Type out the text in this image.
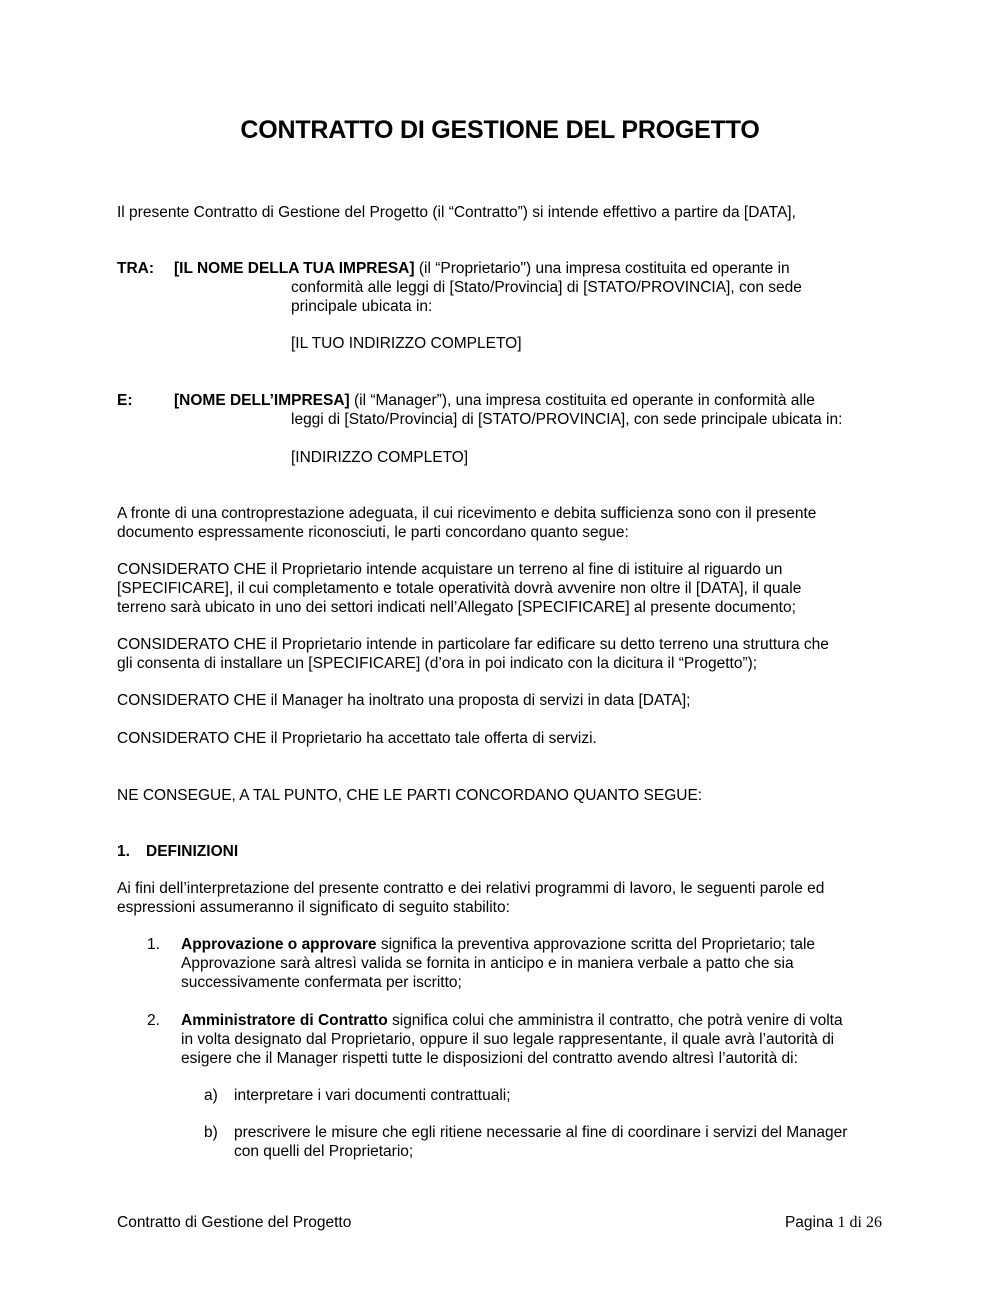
CONTRATTO DI GESTIONE DEL PROGETTO
Il presente Contratto di Gestione del Progetto (il “Contratto”) si intende effettivo a partire da [DATA],
TRA: [IL NOME DELLA TUA IMPRESA] (il “Proprietario") una impresa costituita ed operante in
conformità alle leggi di [Stato/Provincia] di [STATO/PROVINCIA], con sede
principale ubicata in:
[IL TUO INDIRIZZO COMPLETO]
E:	[NOME DELL’IMPRESA] (il “Manager”), una impresa costituita ed operante in conformità alle
leggi di [Stato/Provincia] di [STATO/PROVINCIA], con sede principale ubicata in:
[INDIRIZZO COMPLETO]
A fronte di una controprestazione adeguata, il cui ricevimento e debita sufficienza sono con il presente
documento espressamente riconosciuti, le parti concordano quanto segue:
CONSIDERATO CHE il Proprietario intende acquistare un terreno al fine di istituire al riguardo un
[SPECIFICARE], il cui completamento e totale operatività dovrà avvenire non oltre il [DATA], il quale
terreno sarà ubicato in uno dei settori indicati nell’Allegato [SPECIFICARE] al presente documento;
CONSIDERATO CHE il Proprietario intende in particolare far edificare su detto terreno una struttura che
gli consenta di installare un [SPECIFICARE] (d’ora in poi indicato con la dicitura il “Progetto”);
CONSIDERATO CHE il Manager ha inoltrato una proposta di servizi in data [DATA];
CONSIDERATO CHE il Proprietario ha accettato tale offerta di servizi.
NE CONSEGUE, A TAL PUNTO, CHE LE PARTI CONCORDANO QUANTO SEGUE:
1. DEFINIZIONI
Ai fini dell’interpretazione del presente contratto e dei relativi programmi di lavoro, le seguenti parole ed
espressioni assumeranno il significato di seguito stabilito:
1. Approvazione o approvare significa la preventiva approvazione scritta del Proprietario; tale
Approvazione sarà altresì valida se fornita in anticipo e in maniera verbale a patto che sia
successivamente confermata per iscritto;
2. Amministratore di Contratto significa colui che amministra il contratto, che potrà venire di volta
in volta designato dal Proprietario, oppure il suo legale rappresentante, il quale avrà l’autorità di
esigere che il Manager rispetti tutte le disposizioni del contratto avendo altresì l’autorità di:
a) interpretare i vari documenti contrattuali;
b) prescrivere le misure che egli ritiene necessarie al fine di coordinare i servizi del Manager
con quelli del Proprietario;
Contratto di Gestione del Progetto	Pagina 1 di 26
